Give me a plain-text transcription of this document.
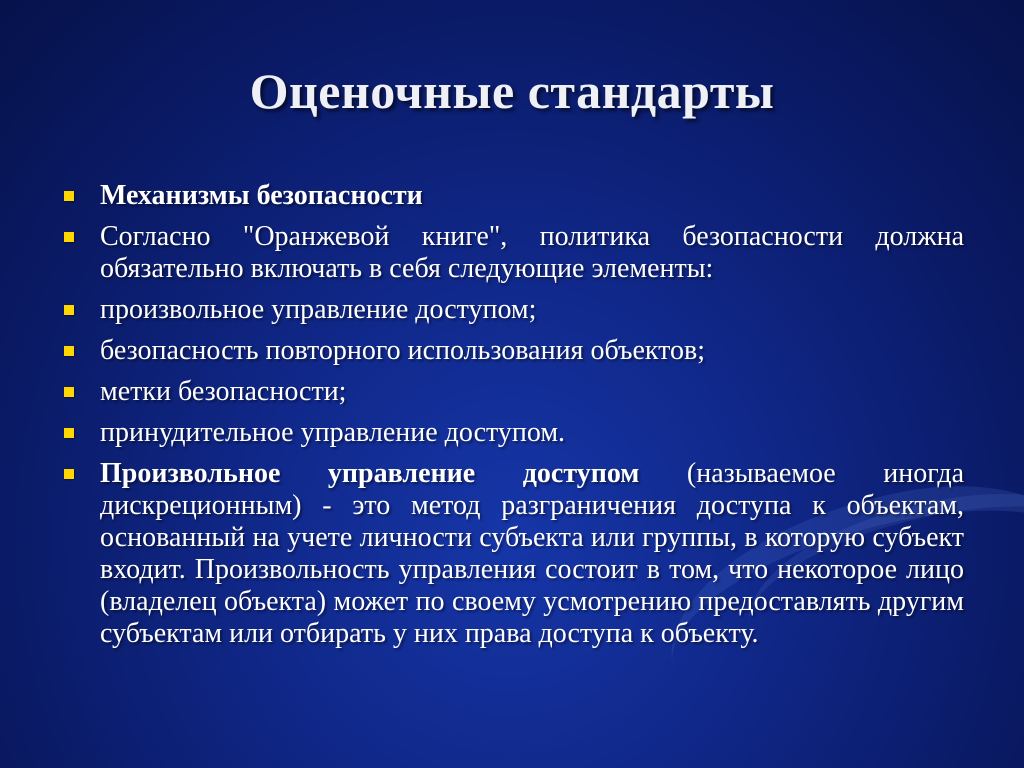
Оценочные стандарты
Механизмы безопасности
Согласно "Оранжевой книге", политика безопасности должна обязательно включать в себя следующие элементы:
произвольное управление доступом;
безопасность повторного использования объектов;
метки безопасности;
принудительное управление доступом.
Произвольное управление доступом (называемое иногда дискреционным) - это метод разграничения доступа к объектам, основанный на учете личности субъекта или группы, в которую субъект входит. Произвольность управления состоит в том, что некоторое лицо (владелец объекта) может по своему усмотрению предоставлять другим субъектам или отбирать у них права доступа к объекту.
